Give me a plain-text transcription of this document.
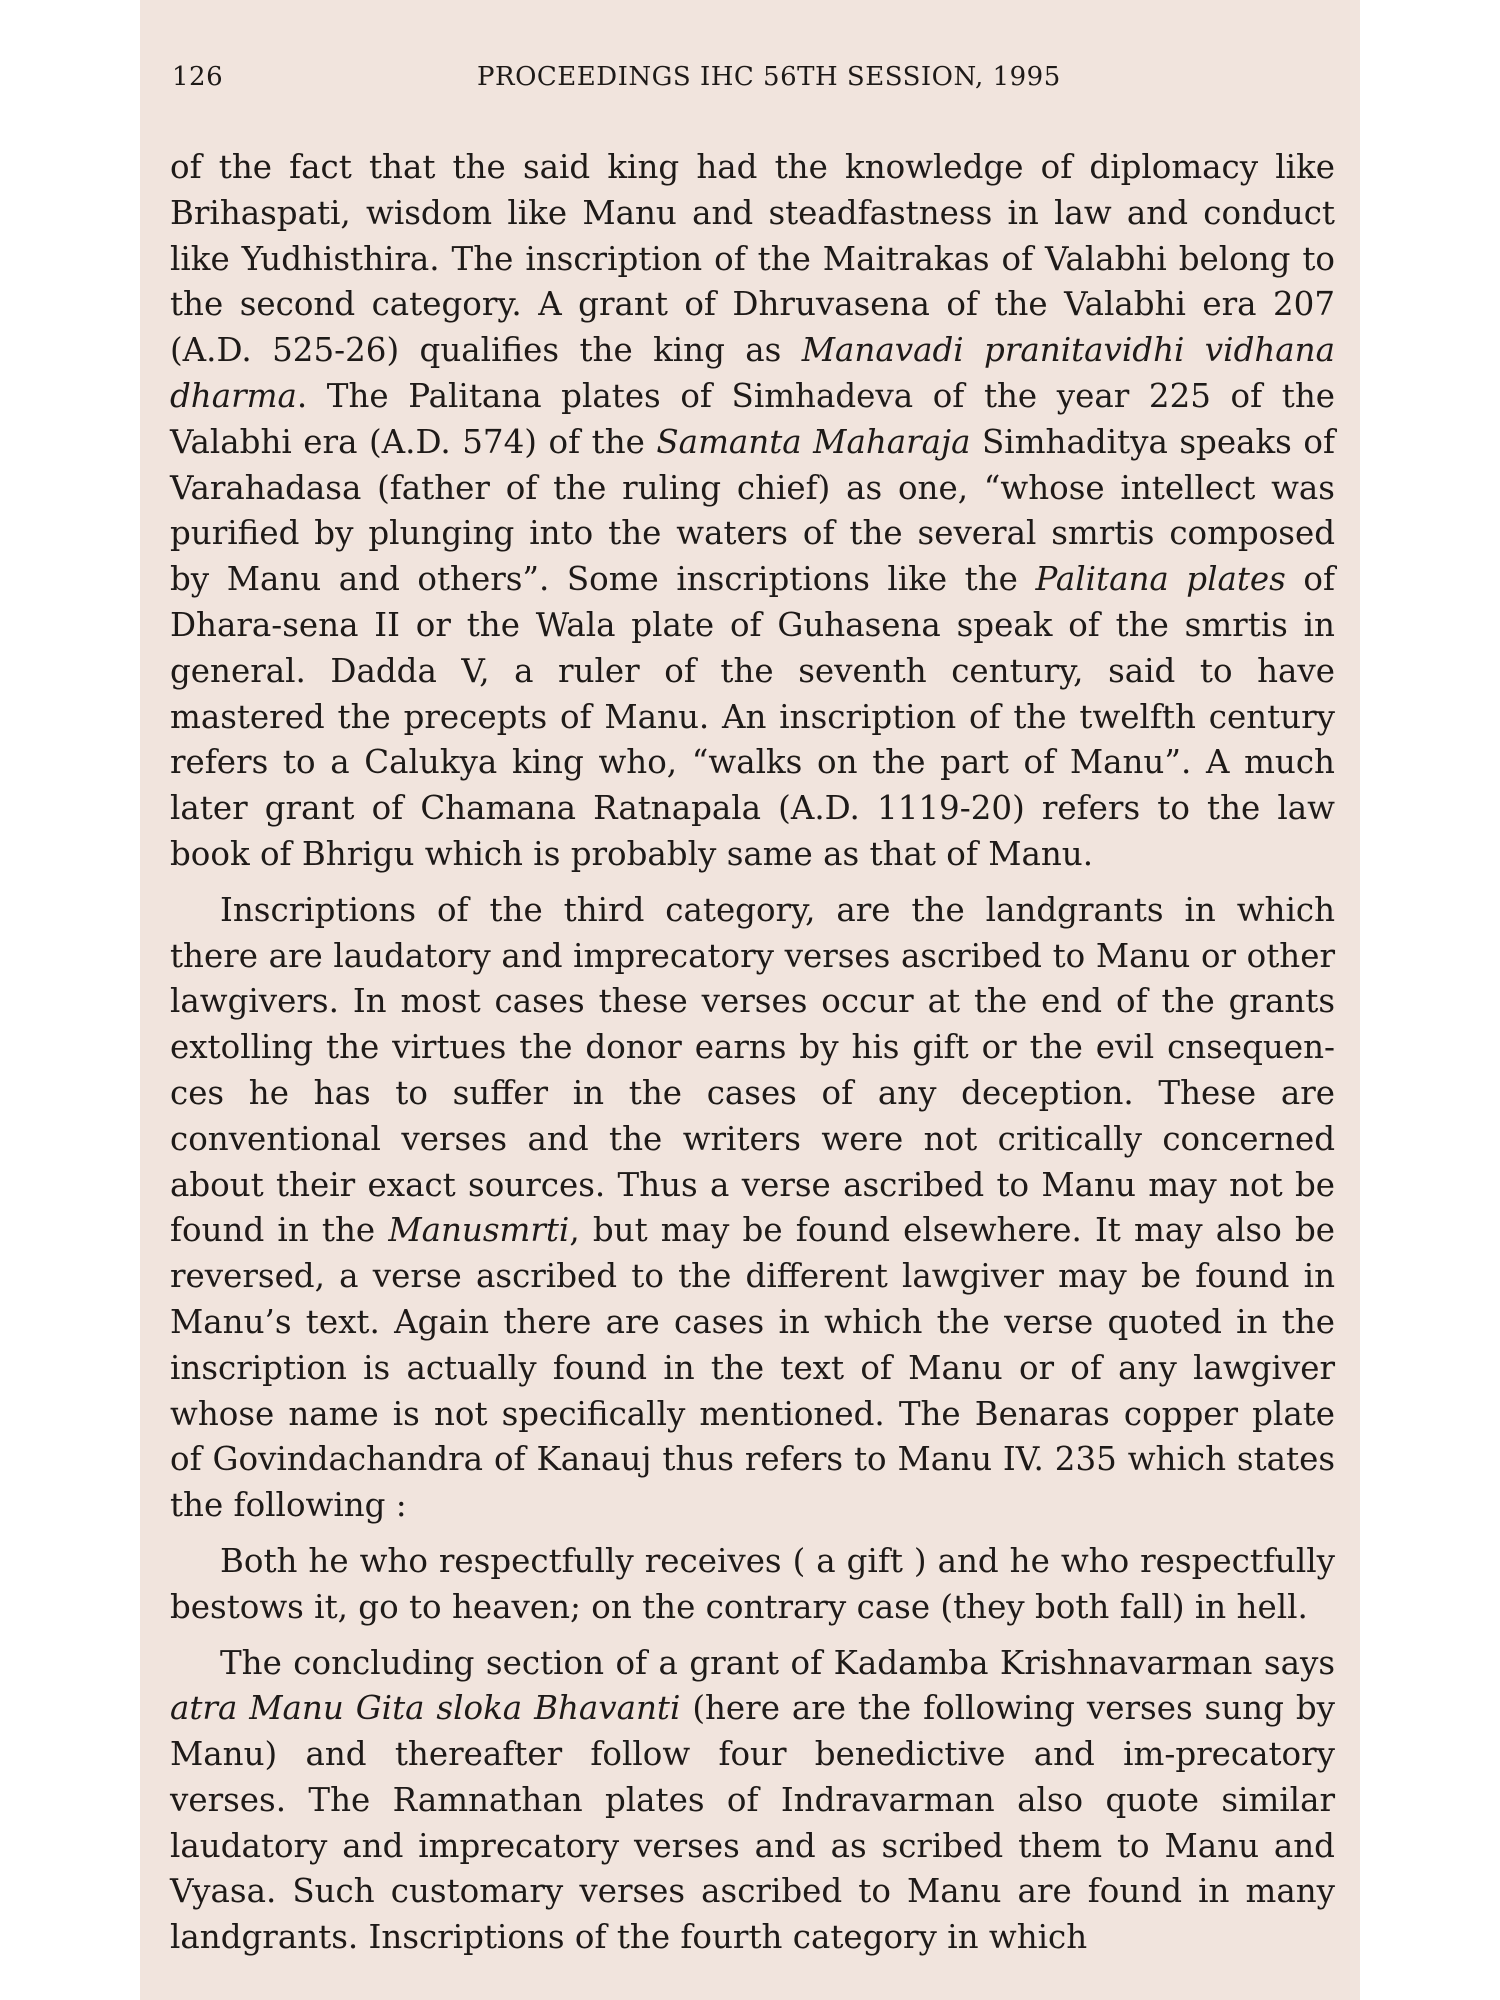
126	PROCEEDINGS IHC 56TH SESSION, 1995

of the fact that the said king had the knowledge of diplomacy like Brihaspati, wisdom like Manu and steadfastness in law and conduct like Yudhisthira. The inscription of the Maitrakas of Valabhi belong to the second category. A grant of Dhruvasena of the Valabhi era 207 (A.D. 525-26) qualifies the king as Manavadi pranitavidhi vidhana dharma. The Palitana plates of Simhadeva of the year 225 of the Valabhi era (A.D. 574) of the Samanta Maharaja Simhaditya speaks of Varahadasa (father of the ruling chief) as one, “whose intellect was purified by plunging into the waters of the several smrtis composed by Manu and others”. Some inscriptions like the Palitana plates of Dhara-sena II or the Wala plate of Guhasena speak of the smrtis in general. Dadda V, a ruler of the seventh century, said to have mastered the precepts of Manu. An inscription of the twelfth century refers to a Calukya king who, “walks on the part of Manu”. A much later grant of Chamana Ratnapala (A.D. 1119-20) refers to the law book of Bhrigu which is probably same as that of Manu.

Inscriptions of the third category, are the landgrants in which there are laudatory and imprecatory verses ascribed to Manu or other lawgivers. In most cases these verses occur at the end of the grants extolling the virtues the donor earns by his gift or the evil cnsequen-ces he has to suffer in the cases of any deception. These are conventional verses and the writers were not critically concerned about their exact sources. Thus a verse ascribed to Manu may not be found in the Manusmrti, but may be found elsewhere. It may also be reversed, a verse ascribed to the different lawgiver may be found in Manu’s text. Again there are cases in which the verse quoted in the inscription is actually found in the text of Manu or of any lawgiver whose name is not specifically mentioned. The Benaras copper plate of Govindachandra of Kanauj thus refers to Manu IV. 235 which states the following :

Both he who respectfully receives ( a gift ) and he who respectfully bestows it, go to heaven; on the contrary case (they both fall) in hell.

The concluding section of a grant of Kadamba Krishnavarman says atra Manu Gita sloka Bhavanti (here are the following verses sung by Manu) and thereafter follow four benedictive and im-precatory verses. The Ramnathan plates of Indravarman also quote similar laudatory and imprecatory verses and as scribed them to Manu and Vyasa. Such customary verses ascribed to Manu are found in many landgrants. Inscriptions of the fourth category in which
